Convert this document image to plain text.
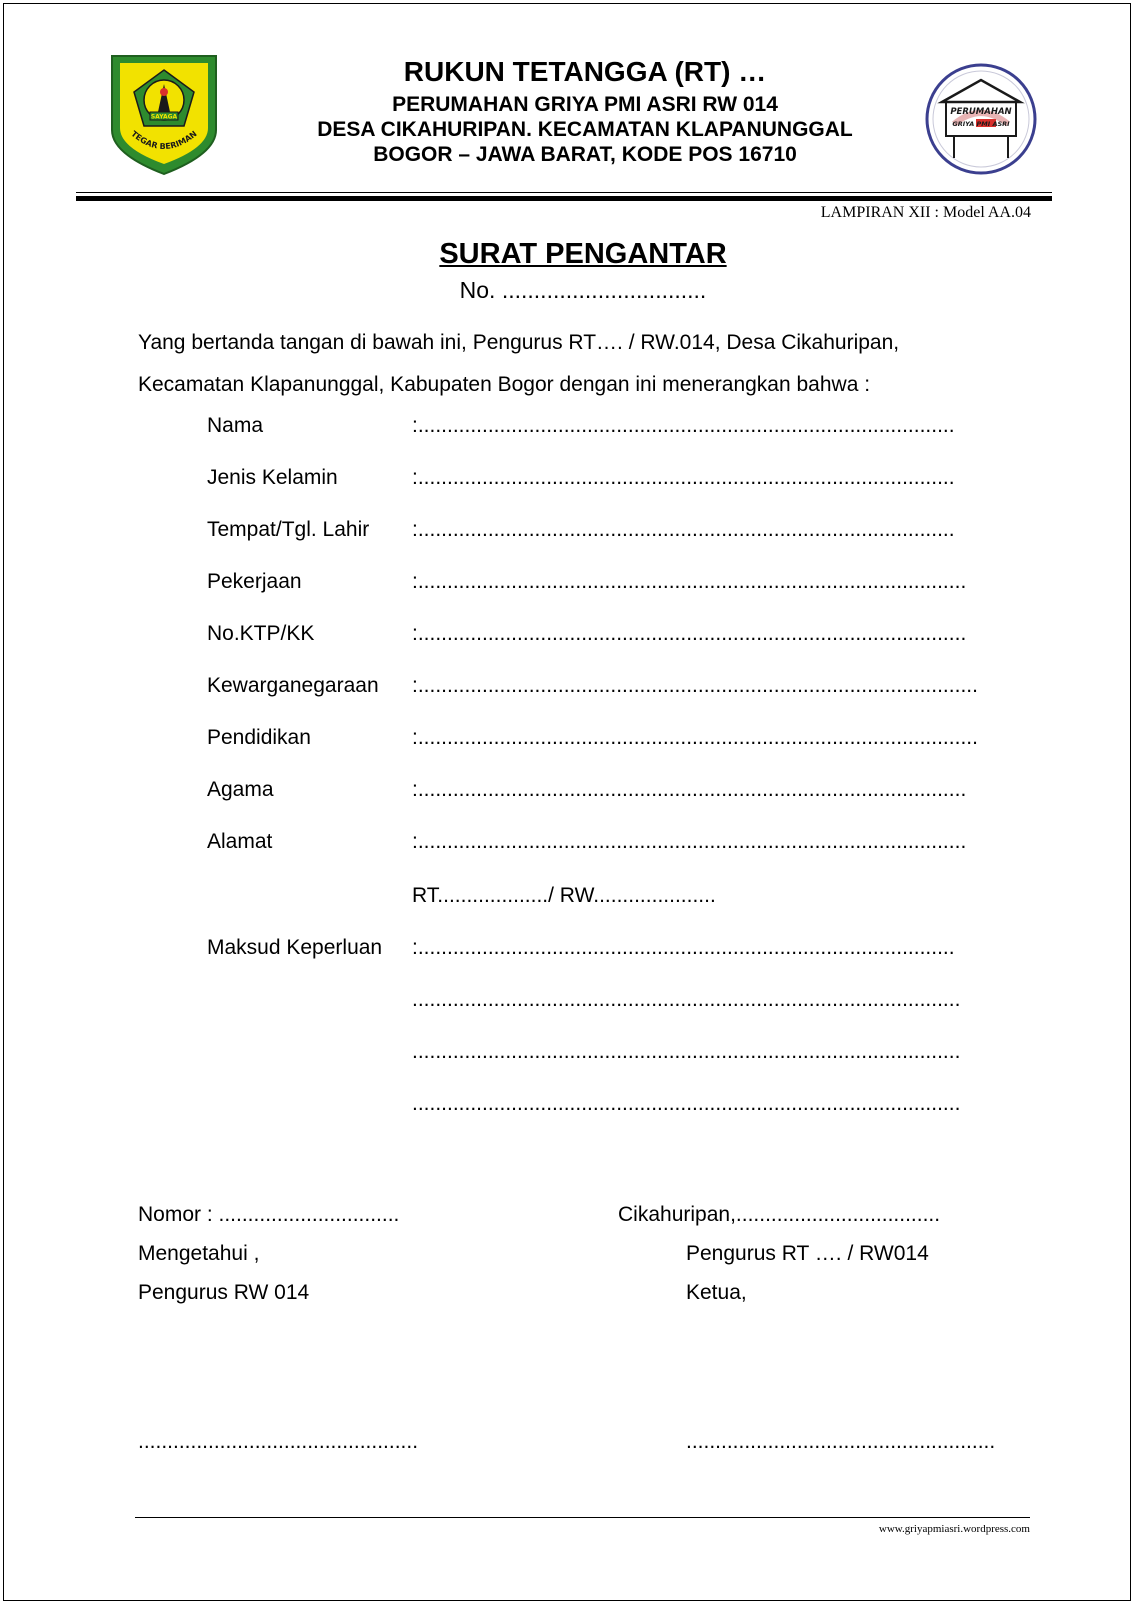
SAYAGA
TEGAR BERIMAN
RUKUN TETANGGA (RT) …
PERUMAHAN GRIYA PMI ASRI RW 014
DESA CIKAHURIPAN. KECAMATAN KLAPANUNGGAL
BOGOR – JAWA BARAT, KODE POS 16710
PERUMAHAN
GRIYA PMI ASRI
LAMPIRAN XII : Model AA.04
SURAT PENGANTAR
No. ................................
Yang bertanda tangan di bawah ini, Pengurus RT…. / RW.014, Desa Cikahuripan,
Kecamatan Klapanunggal, Kabupaten Bogor dengan ini menerangkan bahwa :
Nama	:............................................................................................
Jenis Kelamin	:............................................................................................
Tempat/Tgl. Lahir :............................................................................................
Pekerjaan	:..............................................................................................
No.KTP/KK	:..............................................................................................
Kewarganegaraan :................................................................................................
Pendidikan	:................................................................................................
Agama	:..............................................................................................
Alamat	:..............................................................................................
RT.................../ RW.....................
Maksud Keperluan :............................................................................................
..............................................................................................
..............................................................................................
..............................................................................................
Nomor : ...............................	Cikahuripan,...................................
Mengetahui ,	Pengurus RT …. / RW014
Pengurus RW 014	Ketua,
................................................	.....................................................
www.griyapmiasri.wordpress.com
